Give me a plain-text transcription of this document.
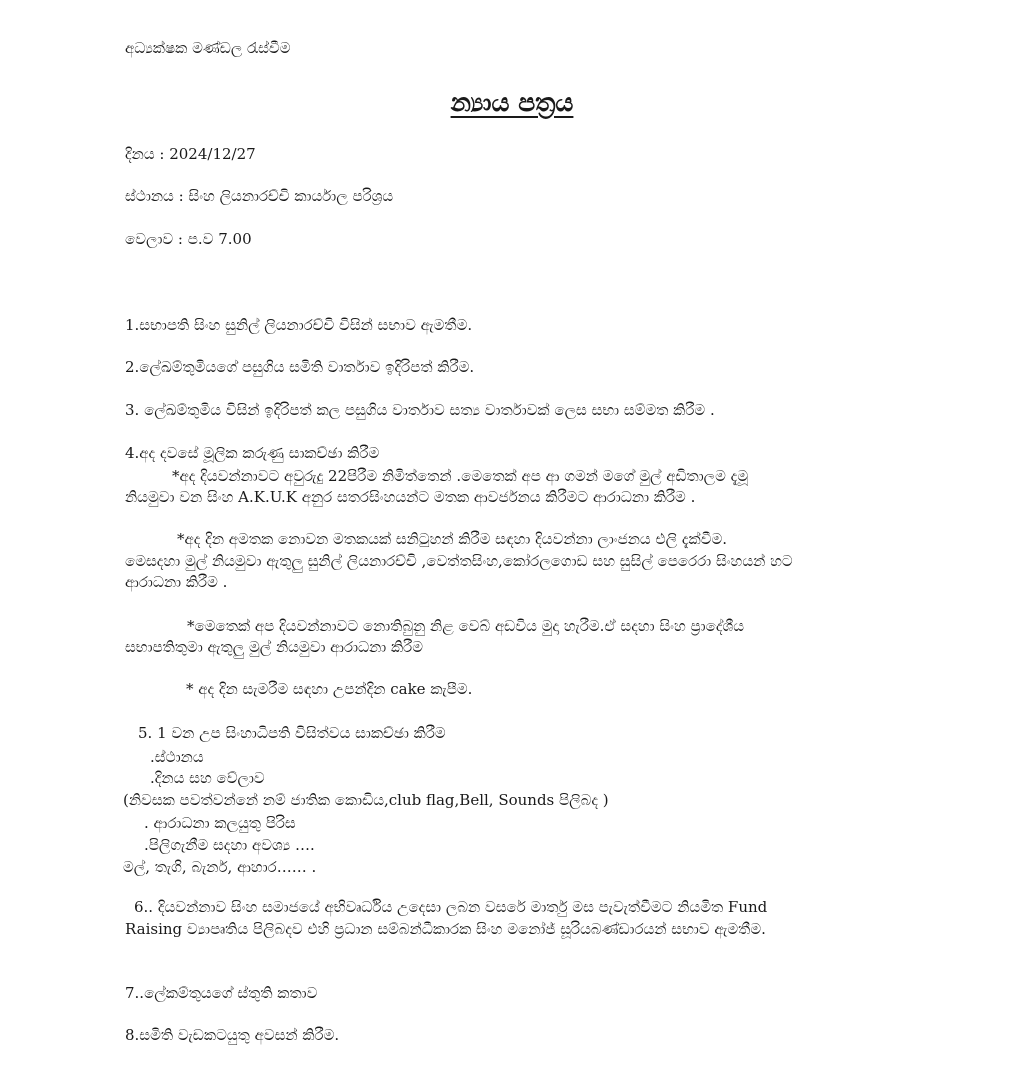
අධ්‍යක්ෂක මණ්ඩල රැස්වීම
න්‍යාය පත්‍රය
දිනය : 2024/12/27
ස්ථානය : සිංහ ලියනාරච්චි කාර්යාල පරිශ්‍රය
වෙලාව : ප.ව 7.00
1.සභාපති සිංහ සුනිල් ලියනාරච්චි විසින් සභාව ඇමතීම.
2.ලේඛම්තුමියගේ පසුගිය සමිති වාර්තාව ඉදිරිපත් කිරීම.
3. ලේඛම්තුමිය විසින් ඉදිරිපත් කල පසුගිය වාර්තාව සත්‍ය වාර්තාවක් ලෙස සභා සම්මත කිරීම .
4.අද දවසේ මූලික කරුණු සාකච්ඡා කිරීම
*අද දියවන්නාවට අවුරුදු 22පිරීම නිමිත්තෙන් .මෙතෙක් අප ආ ගමන් මගේ මුල් අඩිතාලම දැමූ
නියමුවා වන සිංහ A.K.U.K අනුර සතරසිංහයන්ට මතක ආවර්ජනය කිරීමට ආරාධනා කිරීම .
*අද දින අමතක නොවන මතකයක් සනිටුහන් කිරීම සඳහා දියවන්නා ලාංජනය එලි දැක්වීම.
මෙසදහා මුල් නියමුවා ඇතුලු සුනිල් ලියනාරච්චි ,වෙත්තසිංහ,කෝරලගොඩ සහ සුසිල් පෙරෙරා සිංහයන් හට
ආරාධනා කිරීම .
*මෙතෙක් අප දියවන්නාවට නොතිබුනු නිළ වෙබ් අඩවිය මුදා හැරීම.ඒ සදහා සිංහ ප්‍රාදේශීය
සභාපතිතුමා ඇතුලු මුල් නියමුවා ආරාධනා කිරීම
* අද දින සැමරීම සඳහා උපන්දින cake කැපීම.
5. 1 වන උප සිංහාධිපති විසිත්වය සාකච්ඡා කිරීම
.ස්ථානය
.දිනය සහ වේලාව
(නිවසක පවත්වන්නේ නම් ජාතික කොඩිය,club flag,Bell, Sounds පිලිබද )
. ආරාධනා කලයුතු පිරිස
.පිලිගැනීම සදහා අවශ්‍ය ….
මල්, තැගි, බැනර්, ආහාර…… .
6.. දියවන්නාව සිංහ සමාජයේ අභිවෘර්ධිය උදෙසා ලබන වසරේ මාර්තු මස පැවැත්වීමට නියමිත Fund
Raising ව්‍යාපෘතිය පිලිබදව එහි ප්‍රධාන සම්බන්ධීකාරක සිංහ මනෝජ් සූරියබණ්ඩාරයන් සභාව ඇමතීම.
7..ලේකම්තුයගේ ස්තුති කතාව
8.සමිති වැඩකටයුතු අවසන් කිරීම.
